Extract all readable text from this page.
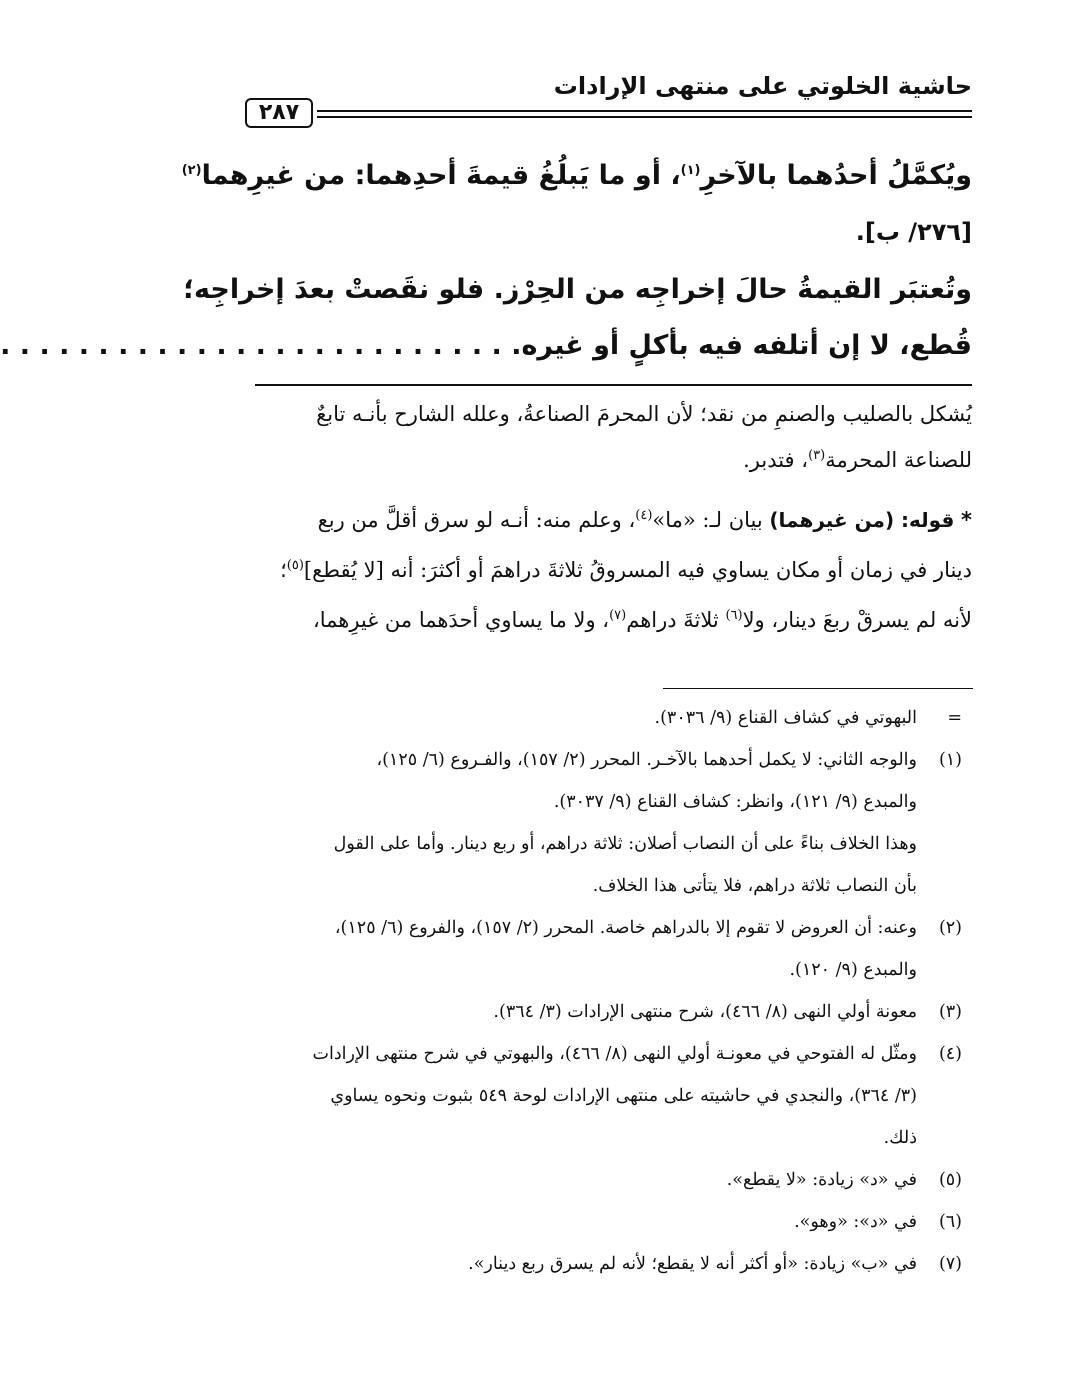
حاشية الخلوتي على منتهى الإرادات
٢٨٧
ويُكمَّلُ أحدُهما بالآخرِ$^{(١)}$، أو ما يَبلُغُ قيمةَ أحدِهما: من غيرِهما$^{(٢)}$
[٢٧٦/ ب].
وتُعتبَر القيمةُ حالَ إخراجِه من الحِرْز. فلو نقَصتْ بعدَ إخراجِه؛
قُطع، لا إن أتلفه فيه بأكلٍ أو غيره. . . . . . . . . . . . . . . . . . . . . . . . . . .
يُشكل بالصليب والصنمِ من نقد؛ لأن المحرمَ الصناعةُ، وعلله الشارح بأنـه تابعٌ
للصناعة المحرمة$^{(٣)}$، فتدبر.
* قوله: (من غيرهما) بيان لـ: «ما»$^{(٤)}$، وعلم منه: أنـه لو سرق أقلَّ من ربع
دينار في زمان أو مكان يساوي فيه المسروقُ ثلاثةَ دراهمَ أو أكثرَ: أنه [لا يُقطع]$^{(٥)}$؛
لأنه لم يسرقْ ربعَ دينار، ولا$^{(٦)}$ ثلاثةَ دراهم$^{(٧)}$، ولا ما يساوي أحدَهما من غيرِهما،
=
البهوتي في كشاف القناع (٩/ ٣٠٣٦).
(١)
والوجه الثاني: لا يكمل أحدهما بالآخـر. المحرر (٢/ ١٥٧)، والفـروع (٦/ ١٢٥)،
والمبدع (٩/ ١٢١)، وانظر: كشاف القناع (٩/ ٣٠٣٧).
وهذا الخلاف بناءً على أن النصاب أصلان: ثلاثة دراهم، أو ربع دينار. وأما على القول
بأن النصاب ثلاثة دراهم، فلا يتأتى هذا الخلاف.
(٢)
وعنه: أن العروض لا تقوم إلا بالدراهم خاصة. المحرر (٢/ ١٥٧)، والفروع (٦/ ١٢٥)،
والمبدع (٩/ ١٢٠).
(٣)
معونة أولي النهى (٨/ ٤٦٦)، شرح منتهى الإرادات (٣/ ٣٦٤).
(٤)
ومثّل له الفتوحي في معونـة أولي النهى (٨/ ٤٦٦)، والبهوتي في شرح منتهى الإرادات
(٣/ ٣٦٤)، والنجدي في حاشيته على منتهى الإرادات لوحة ٥٤٩ بثبوت ونحوه يساوي
ذلك.
(٥)
في «د» زيادة: «لا يقطع».
(٦)
في «د»: «وهو».
(٧)
في «ب» زيادة: «أو أكثر أنه لا يقطع؛ لأنه لم يسرق ربع دينار».
